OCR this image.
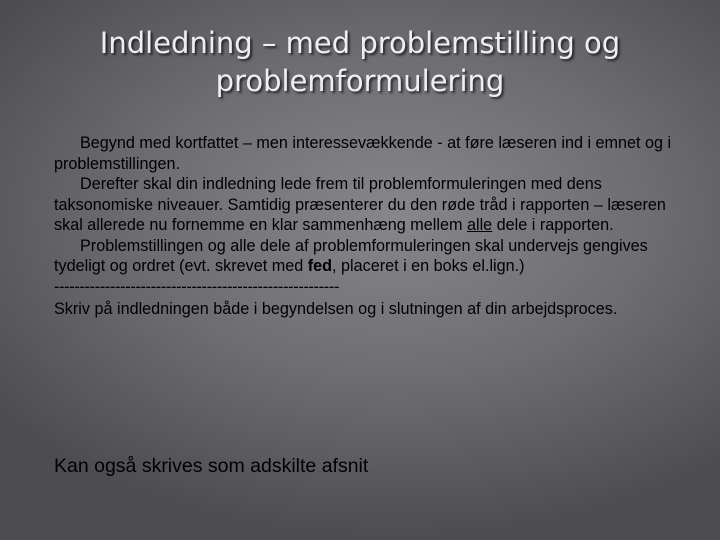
Indledning – med problemstilling og
problemformulering

Begynd med kortfattet – men interessevækkende - at føre læseren ind i emnet og i problemstillingen.

Derefter skal din indledning lede frem til problemformuleringen med dens taksonomiske niveauer. Samtidig præsenterer du den røde tråd i rapporten – læseren skal allerede nu fornemme en klar sammenhæng mellem alle dele i rapporten.

Problemstillingen og alle dele af problemformuleringen skal undervejs gengives tydeligt og ordret (evt. skrevet med fed, placeret i en boks el.lign.)

--------------------------------------------------------

Skriv på indledningen både i begyndelsen og i slutningen af din arbejdsproces.

Kan også skrives som adskilte afsnit
